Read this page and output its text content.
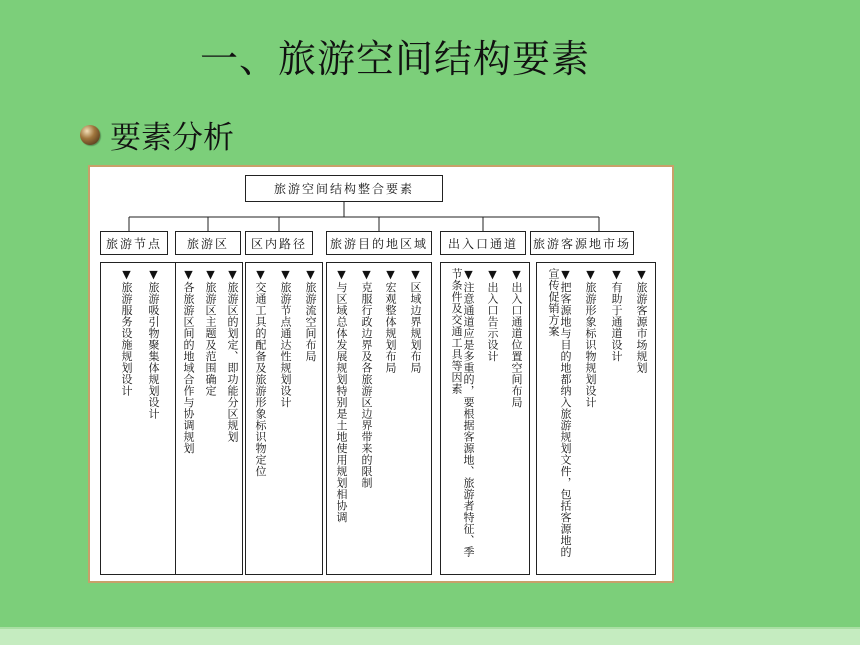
一、旅游空间结构要素
要素分析
旅游空间结构整合要素
旅游节点	旅游区	区内路径	旅游目的地区域	出入口通道	旅游客源地市场
▼旅游服务设施规划设计
▼旅游吸引物聚集体规划设计
▼各旅游区间的地域合作与协调规划
▼旅游区主题及范围确定
▼旅游区的划定、即功能分区规划
▼交通工具的配备及旅游形象标识物定位
▼旅游节点通达性规划设计
▼旅游流空间布局
▼与区域总体发展规划特别是土地使用规划相协调
▼克服行政边界及各旅游区边界带来的限制
▼宏观整体规划布局
▼区域边界规划布局
▼注意通道应是多重的，要根据客源地、旅游者特征、季节条件及交通工具等因素	▼出入口告示设计
▼出入口通道位置空间布局
▼把客源地与目的地都纳入旅游规划文件，包括客源地的宣传促销方案	▼旅游形象标识物规划设计
▼有助于通道设计
▼旅游客源市场规划
